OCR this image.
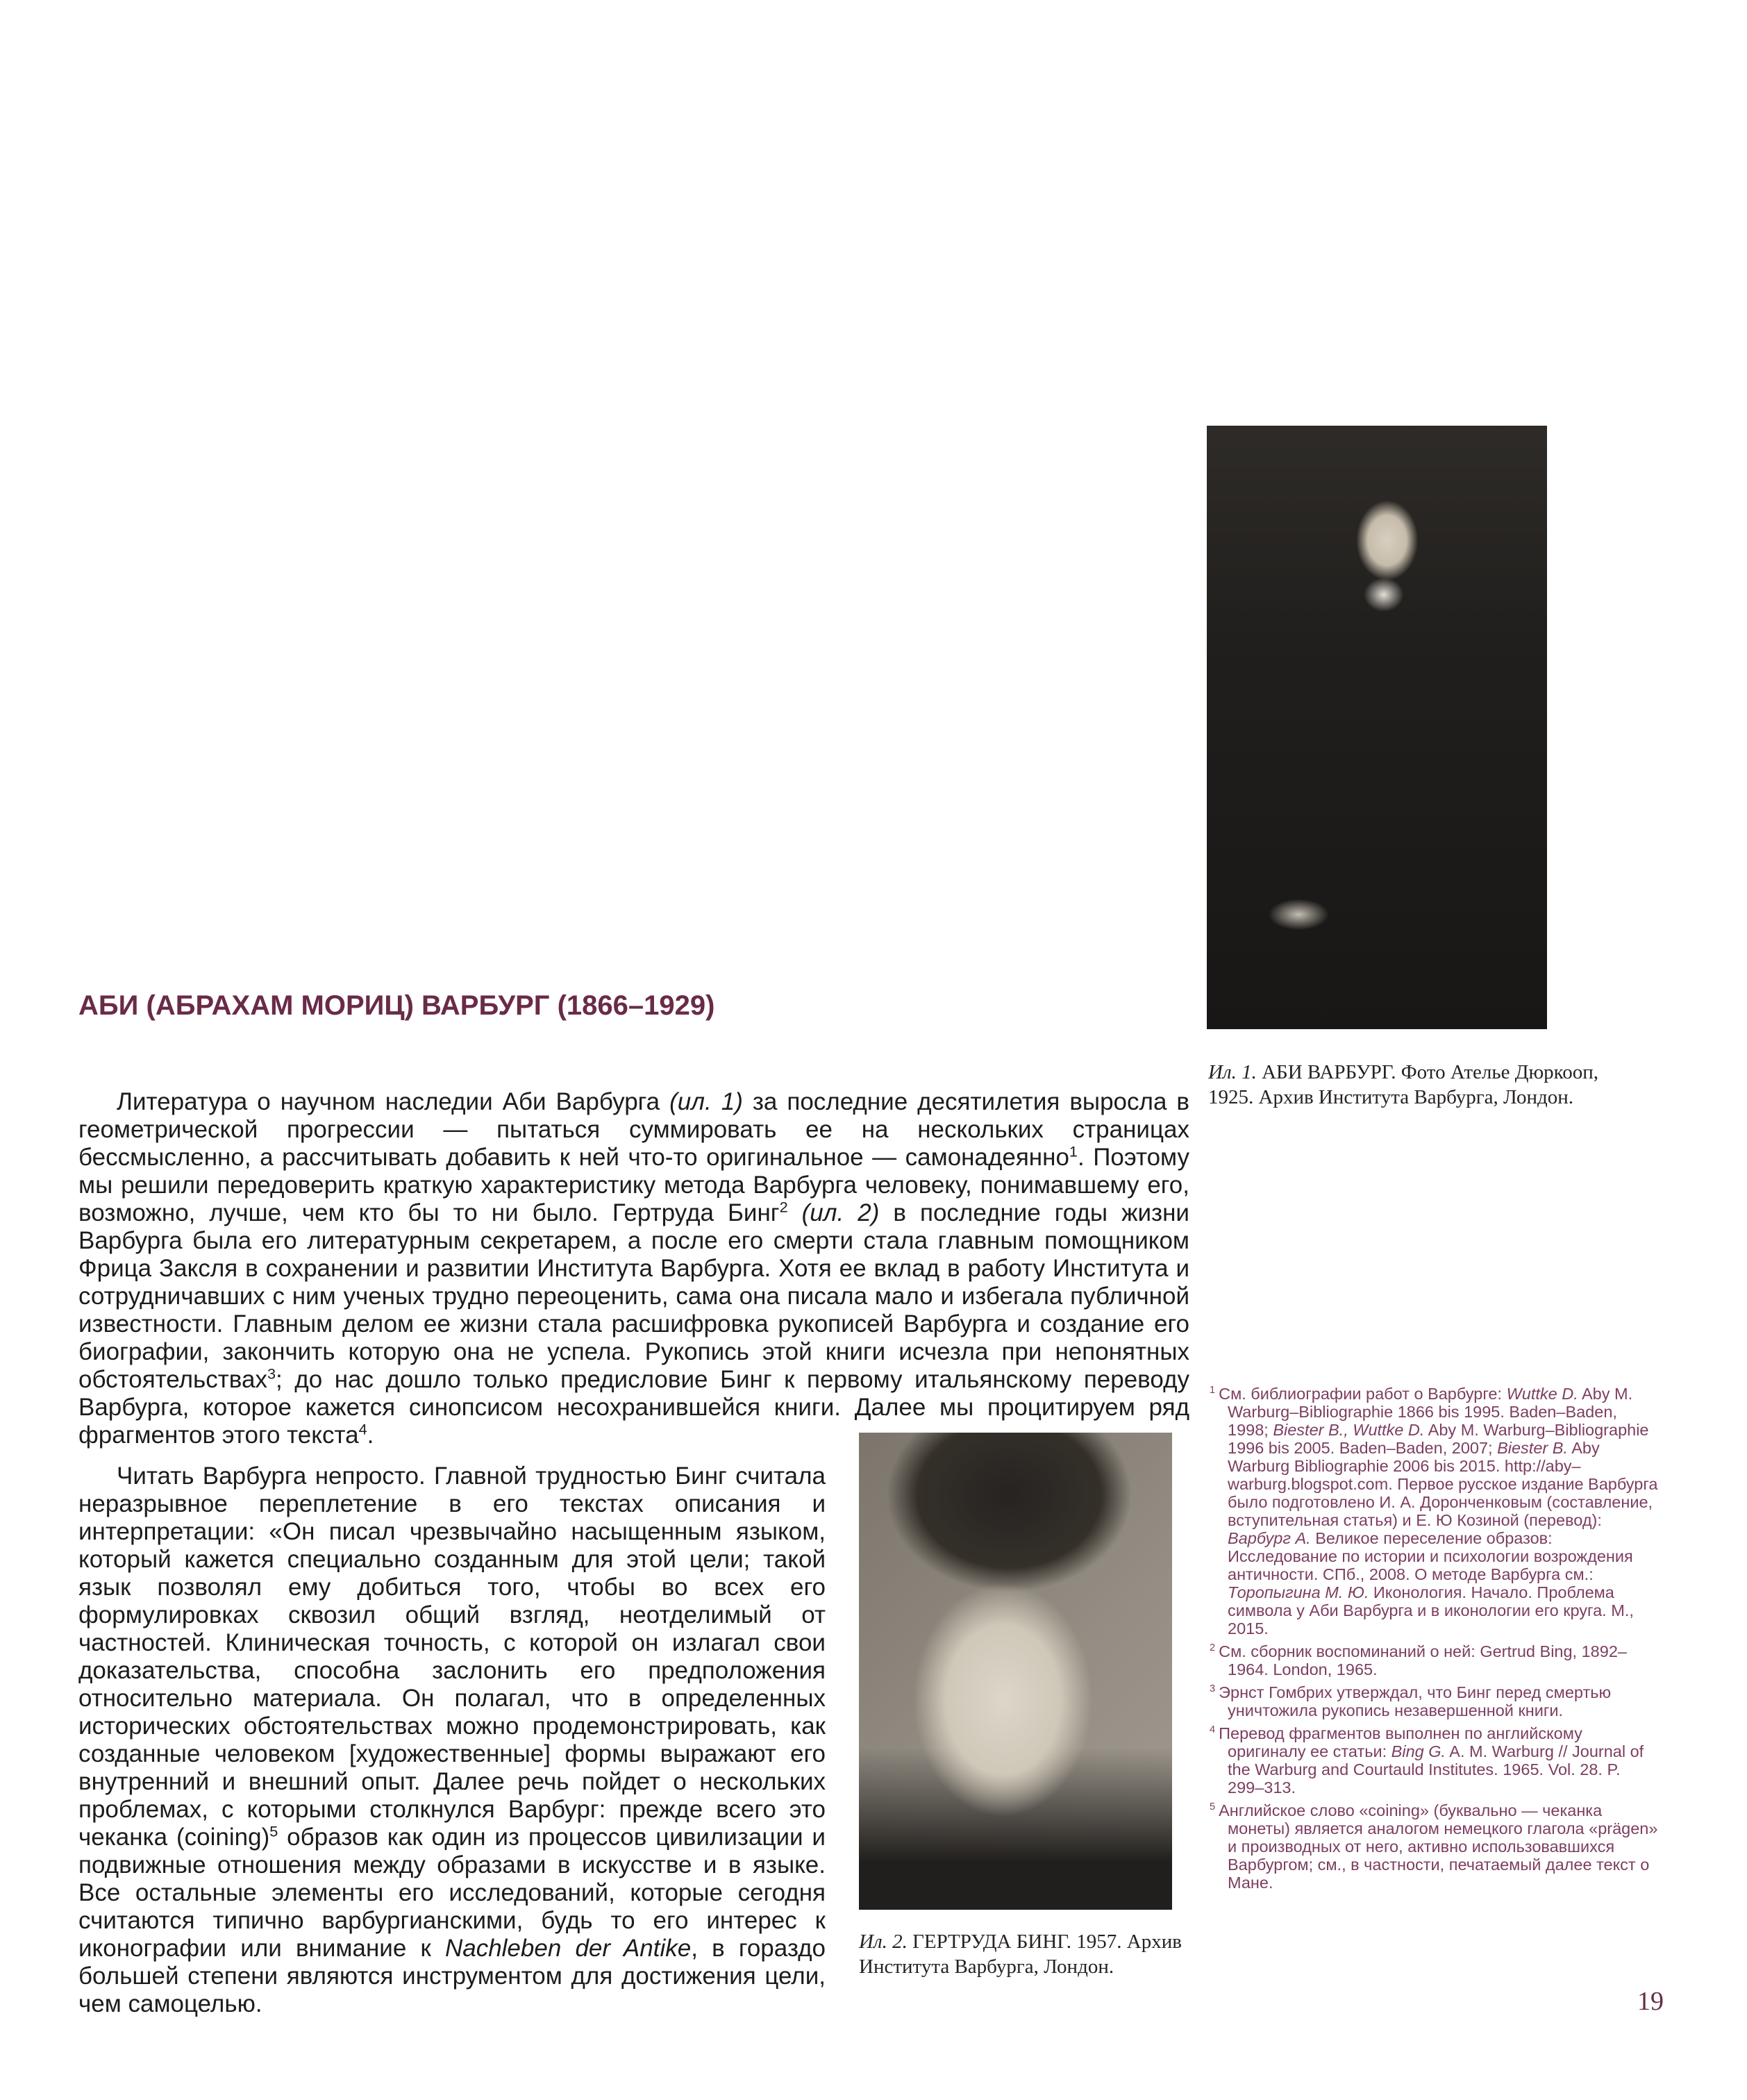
АБИ (АБРАХАМ МОРИЦ) ВАРБУРГ (1866–1929)

Литература о научном наследии Аби Варбурга (ил. 1) за последние десятилетия выросла в геометрической прогрессии — пытаться суммировать ее на нескольких страницах бессмысленно, а рассчитывать добавить к ней что-то оригинальное — самонадеянно$^1$. Поэтому мы решили передоверить краткую характеристику метода Варбурга человеку, понимавшему его, возможно, лучше, чем кто бы то ни было. Гертруда Бинг$^2$ (ил. 2) в последние годы жизни Варбурга была его литературным секретарем, а после его смерти стала главным помощником Фрица Заксля в сохранении и развитии Института Варбурга. Хотя ее вклад в работу Института и сотрудничавших с ним ученых трудно переоценить, сама она писала мало и избегала публичной известности. Главным делом ее жизни стала расшифровка рукописей Варбурга и создание его биографии, закончить которую она не успела. Рукопись этой книги исчезла при непонятных обстоятельствах$^3$; до нас дошло только предисловие Бинг к первому итальянскому переводу Варбурга, которое кажется синопсисом несохранившейся книги. Далее мы процитируем ряд фрагментов этого текста$^4$.

Читать Варбурга непросто. Главной трудностью Бинг считала неразрывное переплетение в его текстах описания и интерпретации: «Он писал чрезвычайно насыщенным языком, который кажется специально созданным для этой цели; такой язык позволял ему добиться того, чтобы во всех его формулировках сквозил общий взгляд, неотделимый от частностей. Клиническая точность, с которой он излагал свои доказательства, способна заслонить его предположения относительно материала. Он полагал, что в определенных исторических обстоятельствах можно продемонстрировать, как созданные человеком [художественные] формы выражают его внутренний и внешний опыт. Далее речь пойдет о нескольких проблемах, с которыми столкнулся Варбург: прежде всего это чеканка (coining)$^5$ образов как один из процессов цивилизации и подвижные отношения между образами в искусстве и в языке. Все остальные элементы его исследований, которые сегодня считаются типично варбургианскими, будь то его интерес к иконографии или внимание к Nachleben der Antike, в гораздо большей степени являются инструментом для достижения цели, чем самоцелью.

Ил. 1. АБИ ВАРБУРГ. Фото Ателье Дюркооп, 1925. Архив Института Варбурга, Лондон.
Ил. 2. ГЕРТРУДА БИНГ. 1957. Архив Института Варбурга, Лондон.
$^1$ См. библиографии работ о Варбурге: Wuttke D. Aby M. Warburg–Bibliographie 1866 bis 1995. Baden–Baden, 1998; Biester B., Wuttke D. Aby M. Warburg–Bibliographie 1996 bis 2005. Baden–Baden, 2007; Biester B. Aby Warburg Bibliographie 2006 bis 2015. http://aby–warburg.blogspot.com. Первое русское издание Варбурга было подготовлено И. А. Доронченковым (составление, вступительная статья) и Е. Ю Козиной (перевод): Варбург А. Великое переселение образов: Исследование по истории и психологии возрождения античности. СПб., 2008. О методе Варбурга см.: Торопыгина М. Ю. Иконология. Начало. Проблема символа у Аби Варбурга и в иконологии его круга. М., 2015.
$^2$ См. сборник воспоминаний о ней: Gertrud Bing, 1892–1964. London, 1965.
$^3$ Эрнст Гомбрих утверждал, что Бинг перед смертью уничтожила рукопись незавершенной книги.
$^4$ Перевод фрагментов выполнен по английскому оригиналу ее статьи: Bing G. A. M. Warburg // Journal of the Warburg and Courtauld Institutes. 1965. Vol. 28. P. 299–313.
$^5$ Английское слово «coining» (буквально — чеканка монеты) является аналогом немецкого глагола «prägen» и производных от него, активно использовавшихся Варбургом; см., в частности, печатаемый далее текст о Мане.
19
